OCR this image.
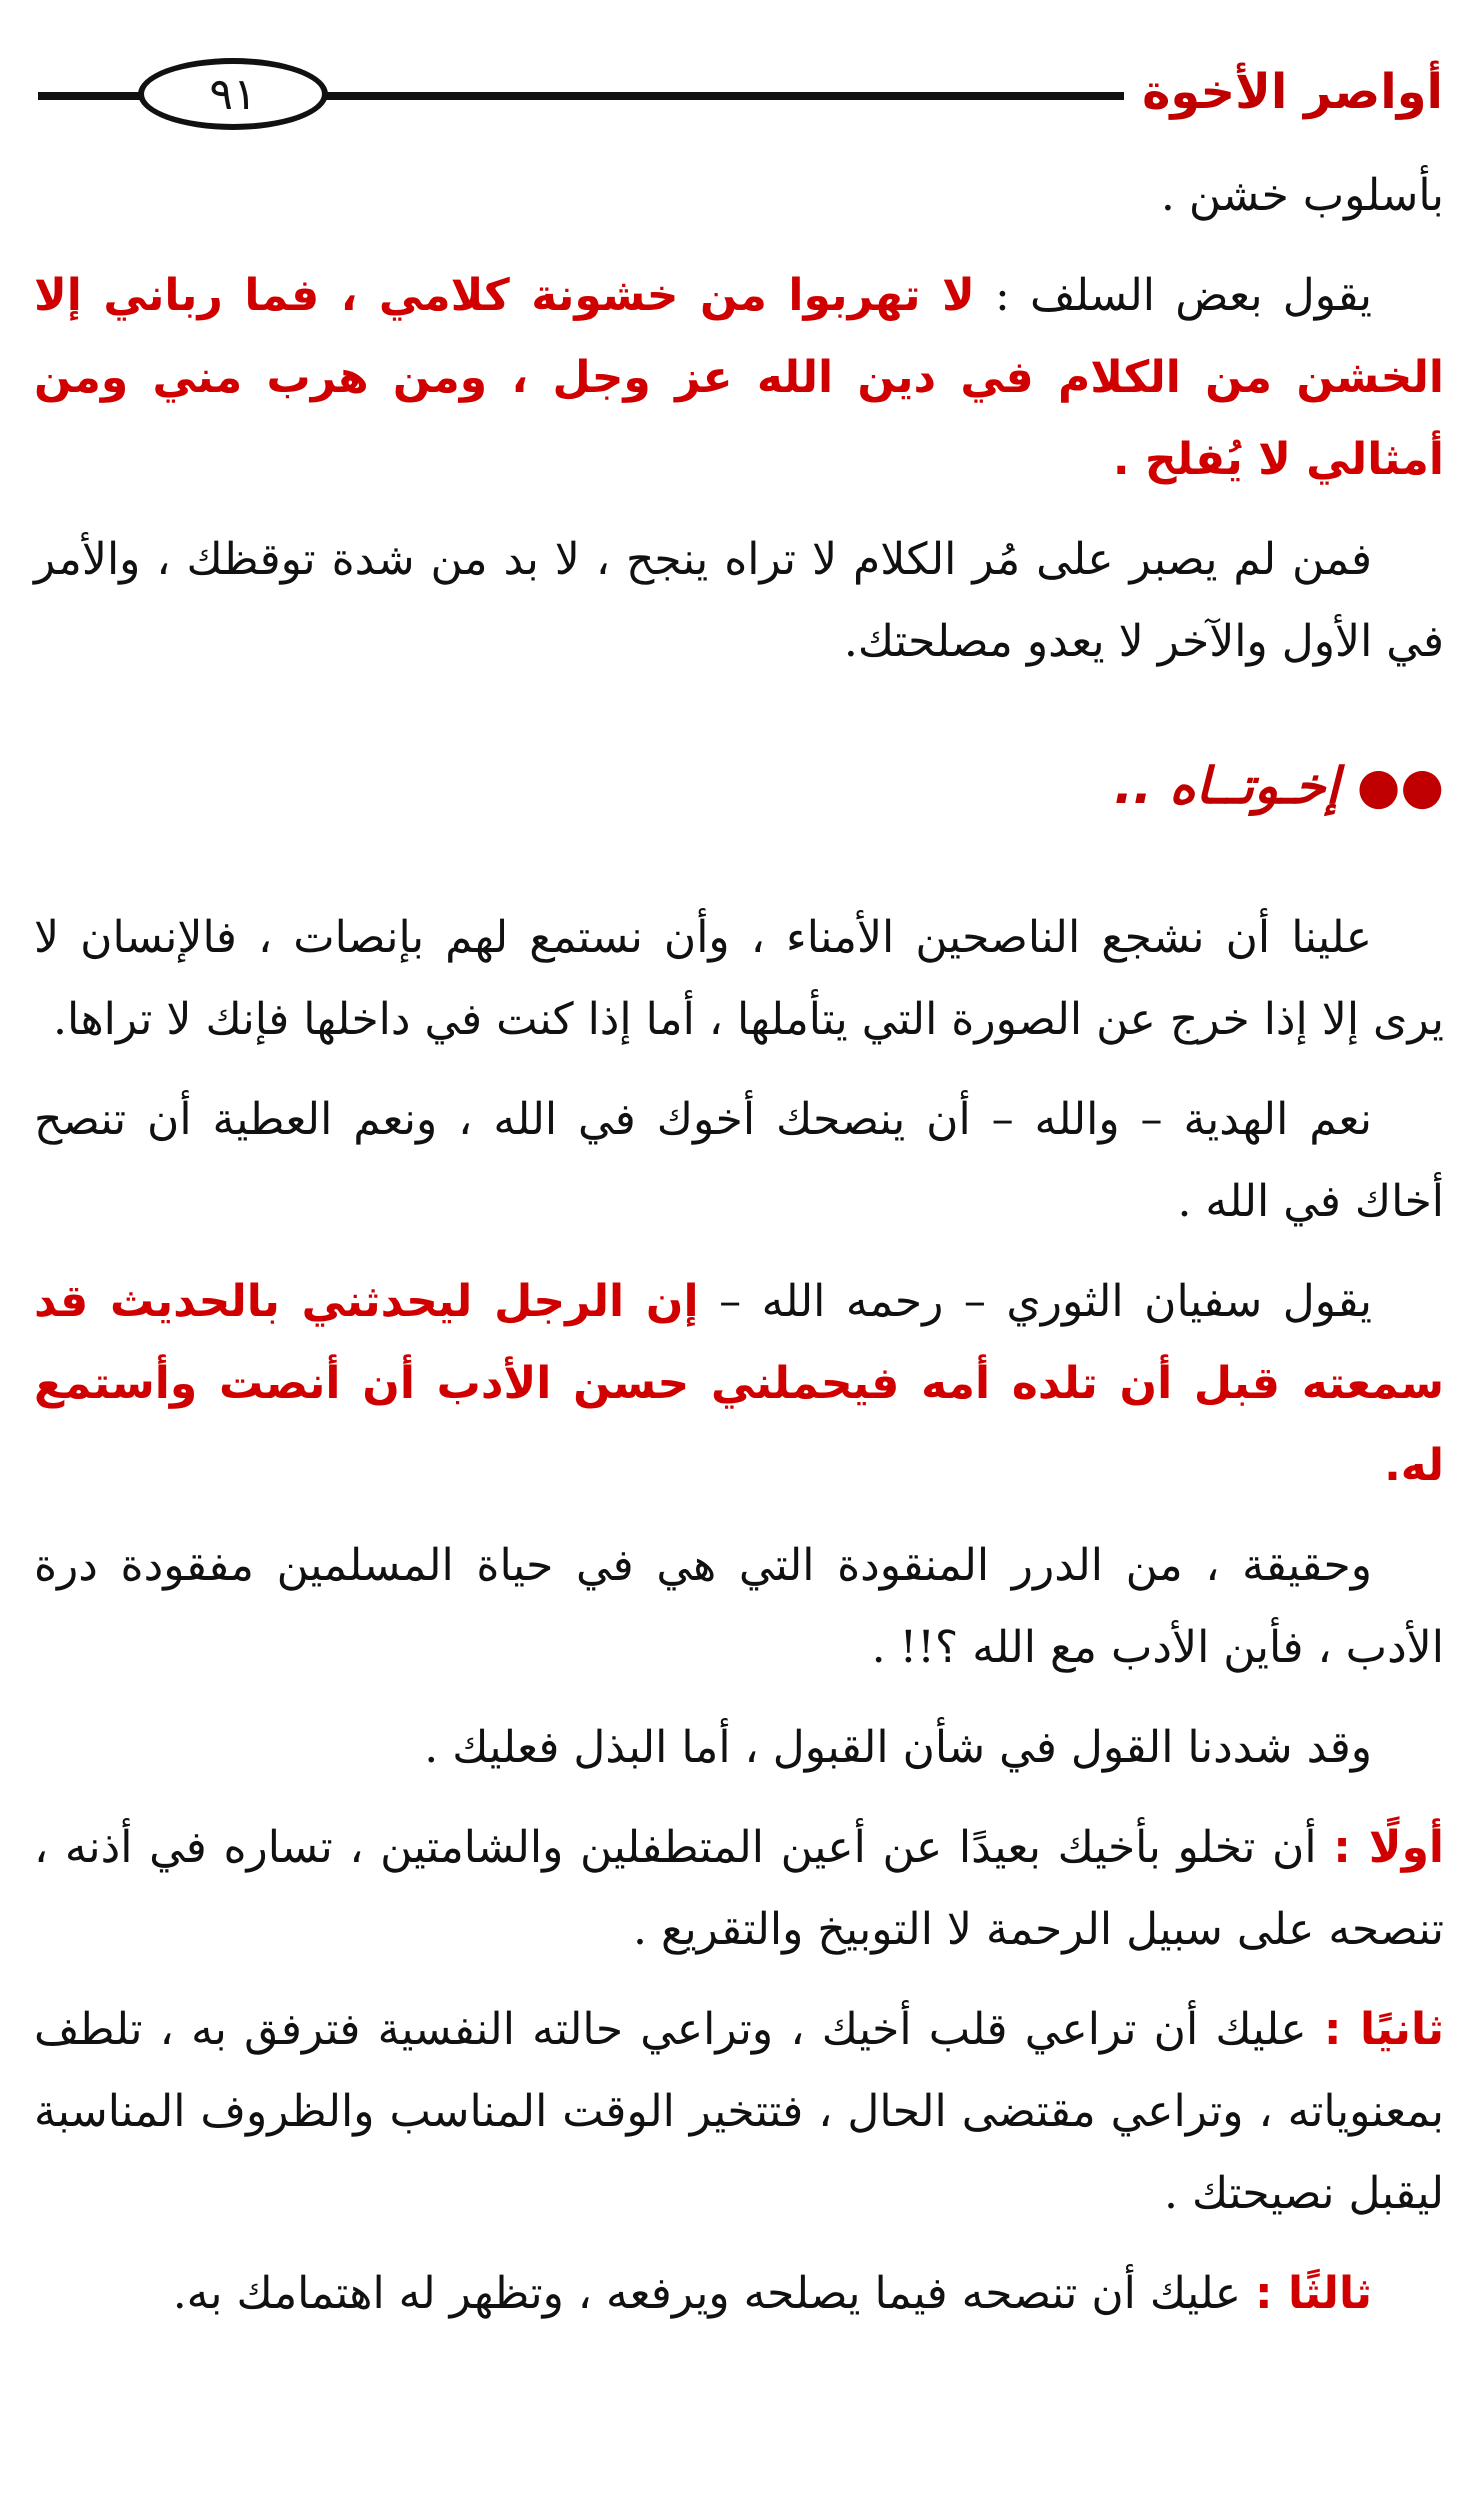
٩١	أواصر الأخوة

بأسلوب خشن .

يقول بعض السلف : لا تهربوا من خشونة كلامي ، فما رباني إلا الخشن من الكلام في دين الله عز وجل ، ومن هرب مني ومن أمثالي لا يُفلح .

فمن لم يصبر على مُر الكلام لا تراه ينجح ، لا بد من شدة توقظك ، والأمر في الأول والآخر لا يعدو مصلحتك.

●● إخـوتــاه ..

علينا أن نشجع الناصحين الأمناء ، وأن نستمع لهم بإنصات ، فالإنسان لا يرى إلا إذا خرج عن الصورة التي يتأملها ، أما إذا كنت في داخلها فإنك لا تراها.

نعم الهدية – والله – أن ينصحك أخوك في الله ، ونعم العطية أن تنصح أخاك في الله .

يقول سفيان الثوري – رحمه الله – إن الرجل ليحدثني بالحديث قد سمعته قبل أن تلده أمه فيحملني حسن الأدب أن أنصت وأستمع له.

وحقيقة ، من الدرر المنقودة التي هي في حياة المسلمين مفقودة درة الأدب ، فأين الأدب مع الله ؟!! .

وقد شددنا القول في شأن القبول ، أما البذل فعليك .

أولًا : أن تخلو بأخيك بعيدًا عن أعين المتطفلين والشامتين ، تساره في أذنه ، تنصحه على سبيل الرحمة لا التوبيخ والتقريع .

ثانيًا : عليك أن تراعي قلب أخيك ، وتراعي حالته النفسية فترفق به ، تلطف بمعنوياته ، وتراعي مقتضى الحال ، فتتخير الوقت المناسب والظروف المناسبة ليقبل نصيحتك .

ثالثًا : عليك أن تنصحه فيما يصلحه ويرفعه ، وتظهر له اهتمامك به.
